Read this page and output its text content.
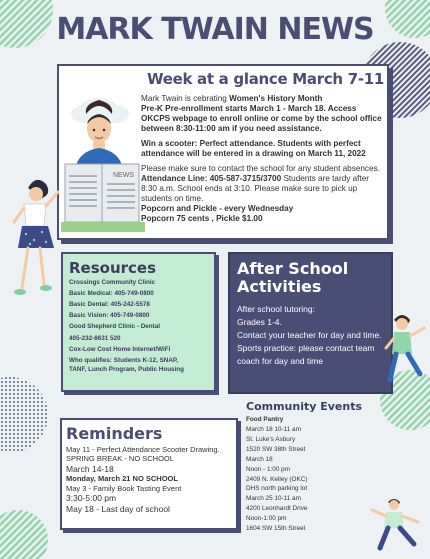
MARK TWAIN NEWS
NEWS
Week at a glance March 7-11

Mark Twain is cebrating Women's History Month

Pre-K Pre-enrollment starts March 1 - March 18. Access OKCPS webpage to enroll online or come by the school office between 8:30-11:00 am if you need assistance.

Win a scooter: Perfect attendance. Students with perfect attendance will be entered in a drawing on March 11, 2022

Please make sure to contact the school for any student absences. Attendance Line: 405-587-3715/3700 Students are tardy after 8:30 a.m. School ends at 3:10. Please make sure to pick up students on time.

Popcorn and Pickle - every Wednesday

Popcorn 75 cents , Pickle $1.00

Resources
Crossings Community Clinic
Basic Medical: 405-749-0800
Basic Dental: 405-242-5578
Basic Vision: 405-749-0800
Good Shepherd Clinic - Dental
405-232-8631 520
Cox-Low Cost Home Internet/WiFi
Who qualifies: Students K-12, SNAP,
TANF, Lunch Program, Public Housing
After School Activities
After school tutoring:
Grades 1-4.
Contact your teacher for day and time.
Sports practice: please contact team coach for day and time
Reminders
May 11 - Perfect Attendance Scooter Drawing.
SPRING BREAK - NO SCHOOL
March 14-18
Monday, March 21 NO SCHOOL
May 3 - Family Book Tasting Event
3:30-5:00 pm
May 18 - Last day of school
Community Events
Food Pantry
March 18 10-11 am
St. Luke's Asbury
1520 SW 38th Street
March 18
Noon - 1:00 pm
2409 N. Kelley (OKC)
DHS north parking lot
March 25 10-11 am
4200 Leonhardt Drive
Noon-1:00 pm
1604 SW 15th Street
